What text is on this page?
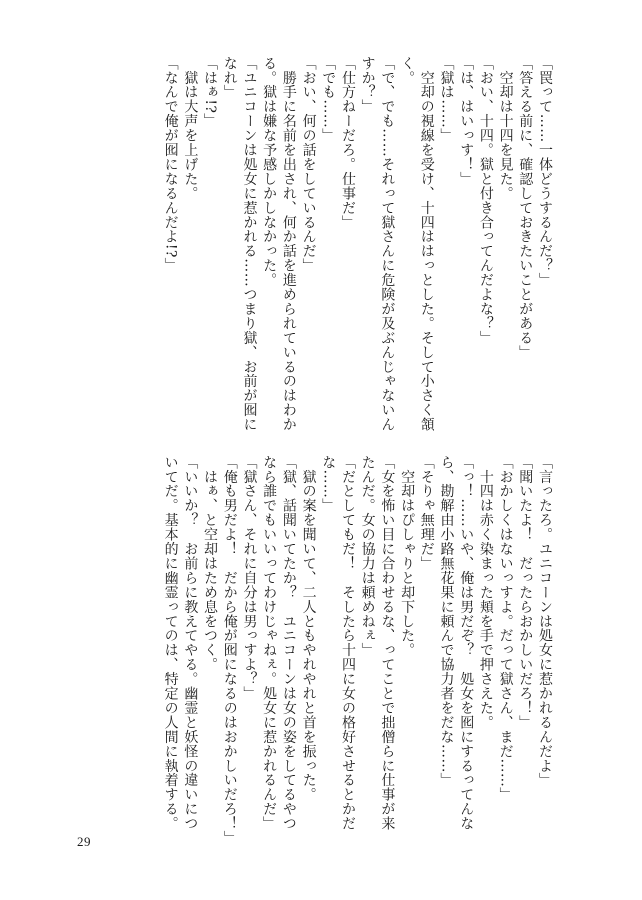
「罠って……一体どうするんだ？」
「答える前に、確認しておきたいことがある」
　空却は十四を見た。
「おい、十四。獄と付き合ってんだよな？」
「は、はいっす！」
「獄は……」
　空却の視線を受け、十四ははっとした。そして小さく頷
く。
「で、でも……それって獄さんに危険が及ぶんじゃないん
すか？」
「仕方ねーだろ。仕事だ」
「でも……」
「おい、何の話をしているんだ」
　勝手に名前を出され、何か話を進められているのはわか
る。獄は嫌な予感しかしなかった。
「ユニコーンは処女に惹かれる……つまり獄、お前が囮に
なれ」
「はぁ!?」
　獄は大声を上げた。
「なんで俺が囮になるんだよ!?」
「言ったろ。ユニコーンは処女に惹かれるんだよ」
「聞いたよ！　だったらおかしいだろ！」
「おかしくはないっすよ。だって獄さん、まだ……」
　十四は赤く染まった頬を手で押さえた。
「っ！……いや、俺は男だぞ？　処女を囮にするってんな
ら、勘解由小路無花果に頼んで協力者をだな……」
「そりゃ無理だ」
　空却はぴしゃりと却下した。
「女を怖い目に合わせるな、ってことで拙僧らに仕事が来
たんだ。女の協力は頼めねぇ」
「だとしてもだ！　そしたら十四に女の格好させるとかだ
な……」
　獄の案を聞いて、二人ともやれやれと首を振った。
「獄、話聞いてたか？　ユニコーンは女の姿をしてるやつ
なら誰でもいいってわけじゃねぇ。処女に惹かれるんだ」
「獄さん、それに自分は男っすよ？」
「俺も男だよ！　だから俺が囮になるのはおかしいだろ！」
　はぁ、と空却はため息をつく。
「いいか？　お前らに教えてやる。幽霊と妖怪の違いにつ
いてだ。基本的に幽霊ってのは、特定の人間に執着する。
29
